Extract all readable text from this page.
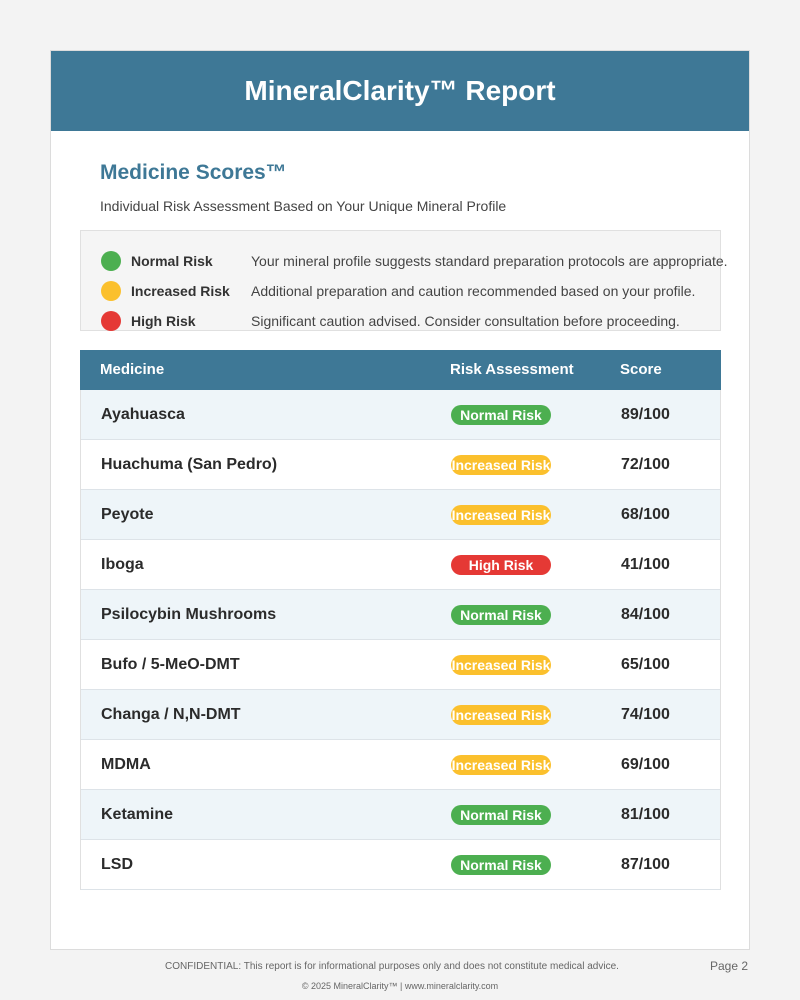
MineralClarity™ Report
Medicine Scores™
Individual Risk Assessment Based on Your Unique Mineral Profile
Normal Risk	Your mineral profile suggests standard preparation protocols are appropriate.
Increased Risk Additional preparation and caution recommended based on your profile.
High Risk	Significant caution advised. Consider consultation before proceeding.
Medicine	Risk Assessment	Score
Ayahuasca	Normal Risk	89/100
Huachuma (San Pedro)	Increased Risk	72/100
Peyote	Increased Risk	68/100
Iboga	High Risk	41/100
Psilocybin Mushrooms	Normal Risk	84/100
Bufo / 5-MeO-DMT	Increased Risk	65/100
Changa / N,N-DMT	Increased Risk	74/100
MDMA	Increased Risk	69/100
Ketamine	Normal Risk	81/100
LSD	Normal Risk	87/100
CONFIDENTIAL: This report is for informational purposes only and does not constitute medical advice.	Page 2
© 2025 MineralClarity™ | www.mineralclarity.com
